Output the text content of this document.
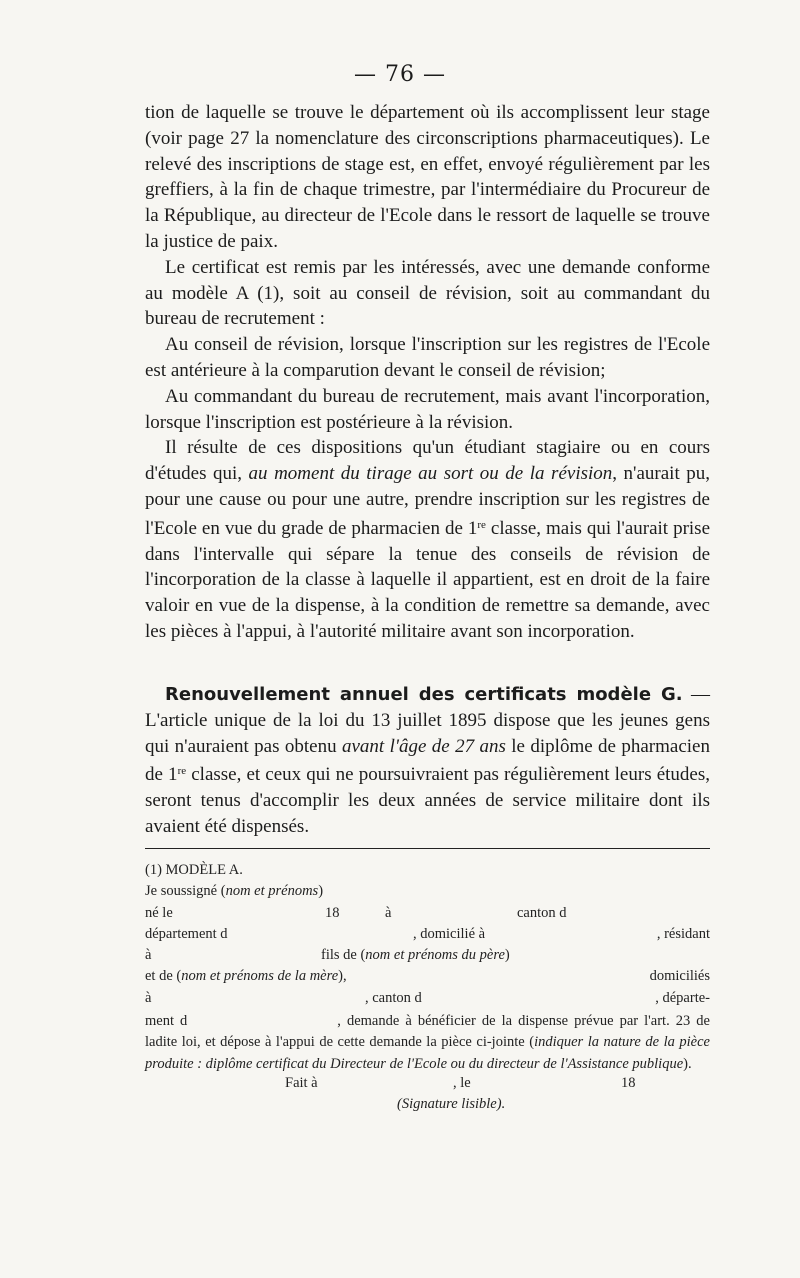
— 76 —

tion de laquelle se trouve le département où ils accomplissent leur stage (voir page 27 la nomenclature des circonscriptions pharmaceutiques). Le relevé des inscriptions de stage est, en effet, envoyé régulièrement par les greffiers, à la fin de chaque trimestre, par l'intermédiaire du Procureur de la République, au directeur de l'Ecole dans le ressort de laquelle se trouve la justice de paix.

Le certificat est remis par les intéressés, avec une demande conforme au modèle A (1), soit au conseil de révision, soit au commandant du bureau de recrutement :

Au conseil de révision, lorsque l'inscription sur les registres de l'Ecole est antérieure à la comparution devant le conseil de révision;

Au commandant du bureau de recrutement, mais avant l'incorporation, lorsque l'inscription est postérieure à la révision.

Il résulte de ces dispositions qu'un étudiant stagiaire ou en cours d'études qui, au moment du tirage au sort ou de la révision, n'aurait pu, pour une cause ou pour une autre, prendre inscription sur les registres de l'Ecole en vue du grade de pharmacien de 1re classe, mais qui l'aurait prise dans l'intervalle qui sépare la tenue des conseils de révision de l'incorporation de la classe à laquelle il appartient, est en droit de la faire valoir en vue de la dispense, à la condition de remettre sa demande, avec les pièces à l'appui, à l'autorité militaire avant son incorporation.

Renouvellement annuel des certificats modèle G. — L'article unique de la loi du 13 juillet 1895 dispose que les jeunes gens qui n'auraient pas obtenu avant l'âge de 27 ans le diplôme de pharmacien de 1re classe, et ceux qui ne poursuivraient pas régulièrement leurs études, seront tenus d'accomplir les deux années de service militaire dont ils avaient été dispensés.

(1) MODÈLE A.
Je soussigné (nom et prénoms)
né le	18	à	canton d
département d	, domicilié à	, résidant
à	fils de (nom et prénoms du père)
et de (nom et prénoms de la mère),	domiciliés
à	, canton d	, départe-
ment d	, demande à bénéficier de la dispense prévue par l'art. 23 de ladite loi, et dépose à l'appui de cette demande la pièce ci-jointe (indiquer la nature de la pièce produite : diplôme certificat du Directeur de l'Ecole ou du directeur de l'Assistance publique).
Fait à	, le	18
(Signature lisible).
